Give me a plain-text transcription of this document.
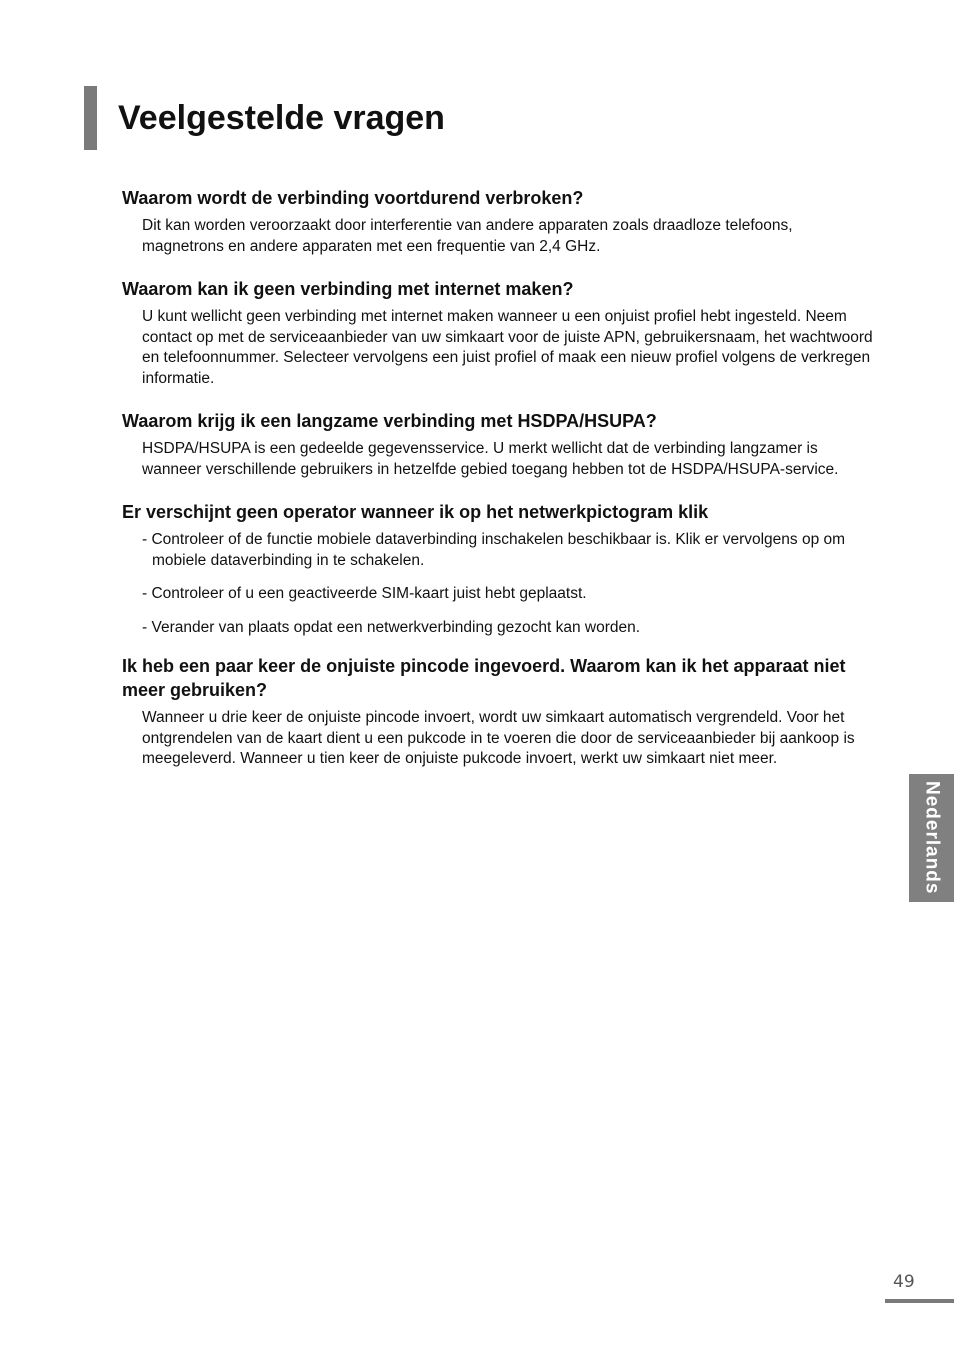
Veelgestelde vragen
Waarom wordt de verbinding voortdurend verbroken?

Dit kan worden veroorzaakt door interferentie van andere apparaten zoals draadloze telefoons, magnetrons en andere apparaten met een frequentie van 2,4 GHz.

Waarom kan ik geen verbinding met internet maken?

U kunt wellicht geen verbinding met internet maken wanneer u een onjuist profiel hebt ingesteld. Neem contact op met de serviceaanbieder van uw simkaart voor de juiste APN, gebruikersnaam, het wachtwoord en telefoonnummer. Selecteer vervolgens een juist profiel of maak een nieuw profiel volgens de verkregen informatie.

Waarom krijg ik een langzame verbinding met HSDPA/HSUPA?

HSDPA/HSUPA is een gedeelde gegevensservice. U merkt wellicht dat de verbinding langzamer is wanneer verschillende gebruikers in hetzelfde gebied toegang hebben tot de HSDPA/HSUPA-service.

Er verschijnt geen operator wanneer ik op het netwerkpictogram klik
- Controleer of de functie mobiele dataverbinding inschakelen beschikbaar is. Klik er vervolgens op om mobiele dataverbinding in te schakelen.
- Controleer of u een geactiveerde SIM-kaart juist hebt geplaatst.
- Verander van plaats opdat een netwerkverbinding gezocht kan worden.
Ik heb een paar keer de onjuiste pincode ingevoerd. Waarom kan ik het apparaat niet meer gebruiken?

Wanneer u drie keer de onjuiste pincode invoert, wordt uw simkaart automatisch vergrendeld. Voor het ontgrendelen van de kaart dient u een pukcode in te voeren die door de serviceaanbieder bij aankoop is meegeleverd. Wanneer u tien keer de onjuiste pukcode invoert, werkt uw simkaart niet meer.

Nederlands
49
